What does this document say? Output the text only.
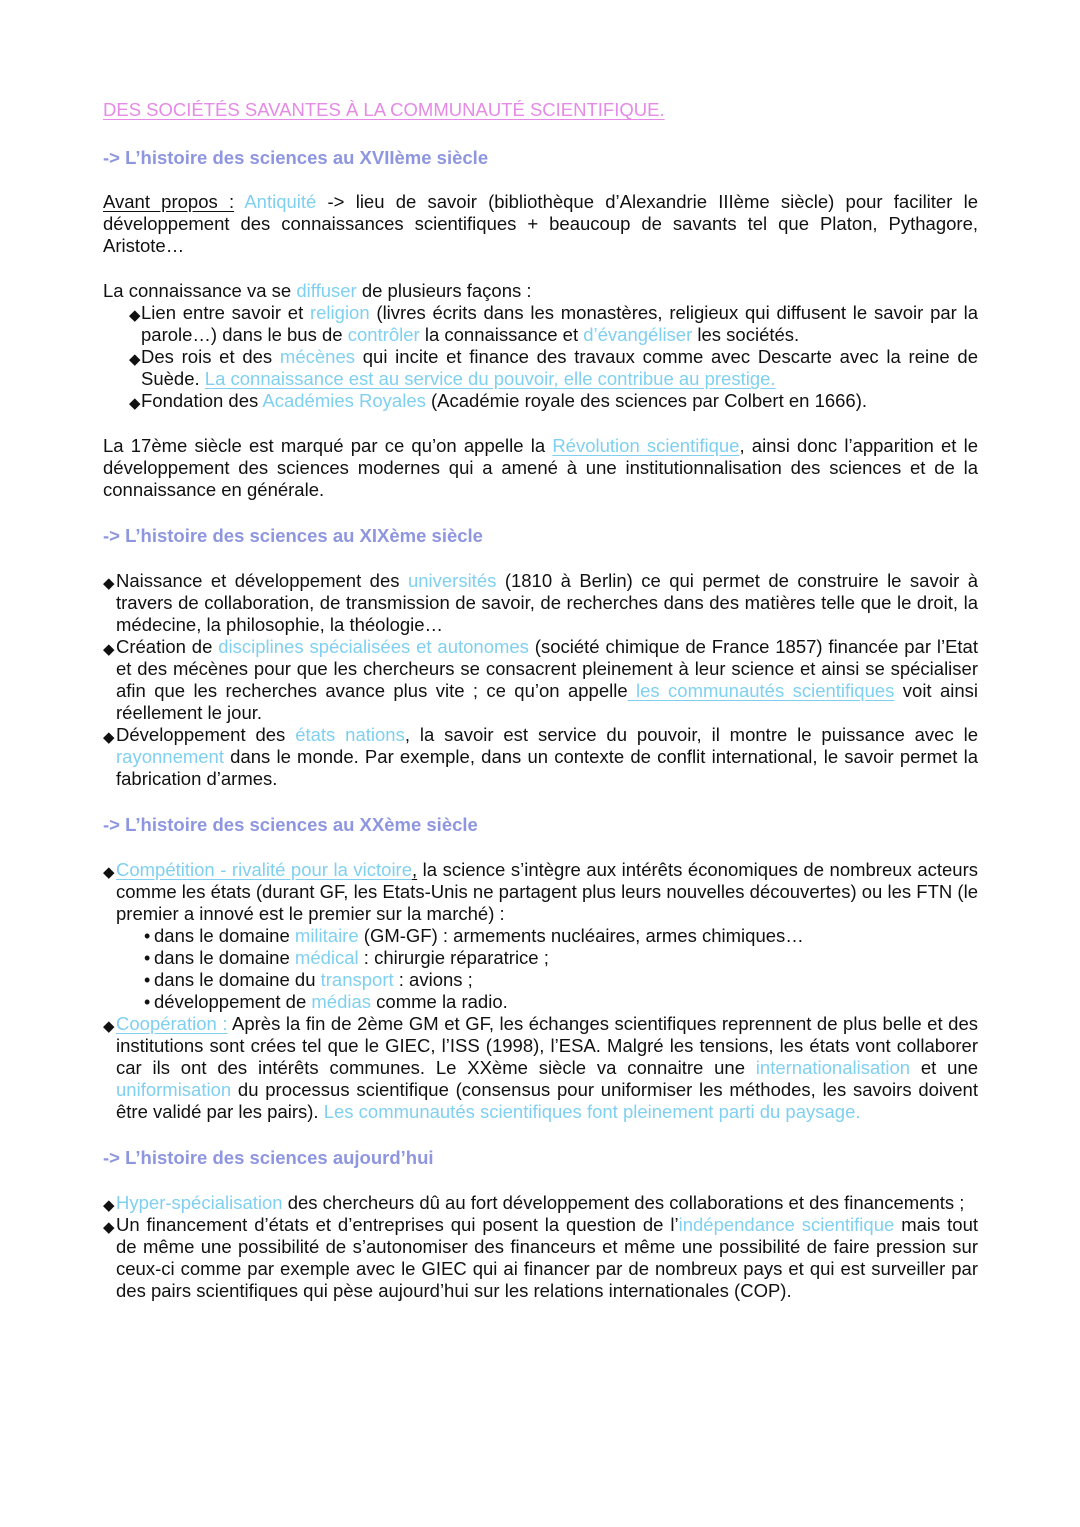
DES SOCIÉTÉS SAVANTES À LA COMMUNAUTÉ SCIENTIFIQUE.

-> L’histoire des sciences au XVIIème siècle

Avant propos : Antiquité -> lieu de savoir (bibliothèque d’Alexandrie IIIème siècle) pour faciliter le développement des connaissances scientifiques + beaucoup de savants tel que Platon, Pythagore, Aristote…

La connaissance va se diffuser de plusieurs façons :

◆ Lien entre savoir et religion (livres écrits dans les monastères, religieux qui diffusent le savoir par la parole…) dans le bus de contrôler la connaissance et d’évangéliser les sociétés.
◆ Des rois et des mécènes qui incite et finance des travaux comme avec Descarte avec la reine de Suède. La connaissance est au service du pouvoir, elle contribue au prestige.
◆ Fondation des Académies Royales (Académie royale des sciences par Colbert en 1666).

La 17ème siècle est marqué par ce qu’on appelle la Révolution scientifique, ainsi donc l’apparition et le développement des sciences modernes qui a amené à une institutionnalisation des sciences et de la connaissance en générale.

-> L’histoire des sciences au XIXème siècle

◆ Naissance et développement des universités (1810 à Berlin) ce qui permet de construire le savoir à travers de collaboration, de transmission de savoir, de recherches dans des matières telle que le droit, la médecine, la philosophie, la théologie…
◆ Création de disciplines spécialisées et autonomes (société chimique de France 1857) financée par l’Etat et des mécènes pour que les chercheurs se consacrent pleinement à leur science et ainsi se spécialiser afin que les recherches avance plus vite ; ce qu’on appelle les communautés scientifiques voit ainsi réellement le jour.
◆ Développement des états nations, la savoir est service du pouvoir, il montre le puissance avec le rayonnement dans le monde. Par exemple, dans un contexte de conflit international, le savoir permet la fabrication d’armes.

-> L’histoire des sciences au XXème siècle

◆ Compétition - rivalité pour la victoire, la science s’intègre aux intérêts économiques de nombreux acteurs comme les états (durant GF, les Etats-Unis ne partagent plus leurs nouvelles découvertes) ou les FTN (le premier a innové est le premier sur la marché) :
• dans le domaine militaire (GM-GF) : armements nucléaires, armes chimiques…
• dans le domaine médical : chirurgie réparatrice ;
• dans le domaine du transport : avions ;
• développement de médias comme la radio.
◆ Coopération : Après la fin de 2ème GM et GF, les échanges scientifiques reprennent de plus belle et des institutions sont crées tel que le GIEC, l’ISS (1998), l’ESA. Malgré les tensions, les états vont collaborer car ils ont des intérêts communes. Le XXème siècle va connaitre une internationalisation et une uniformisation du processus scientifique (consensus pour uniformiser les méthodes, les savoirs doivent être validé par les pairs). Les communautés scientifiques font pleinement parti du paysage.

-> L’histoire des sciences aujourd’hui

◆ Hyper-spécialisation des chercheurs dû au fort développement des collaborations et des financements ;
◆ Un financement d’états et d’entreprises qui posent la question de l’indépendance scientifique mais tout de même une possibilité de s’autonomiser des financeurs et même une possibilité de faire pression sur ceux-ci comme par exemple avec le GIEC qui ai financer par de nombreux pays et qui est surveiller par des pairs scientifiques qui pèse aujourd’hui sur les relations internationales (COP).
